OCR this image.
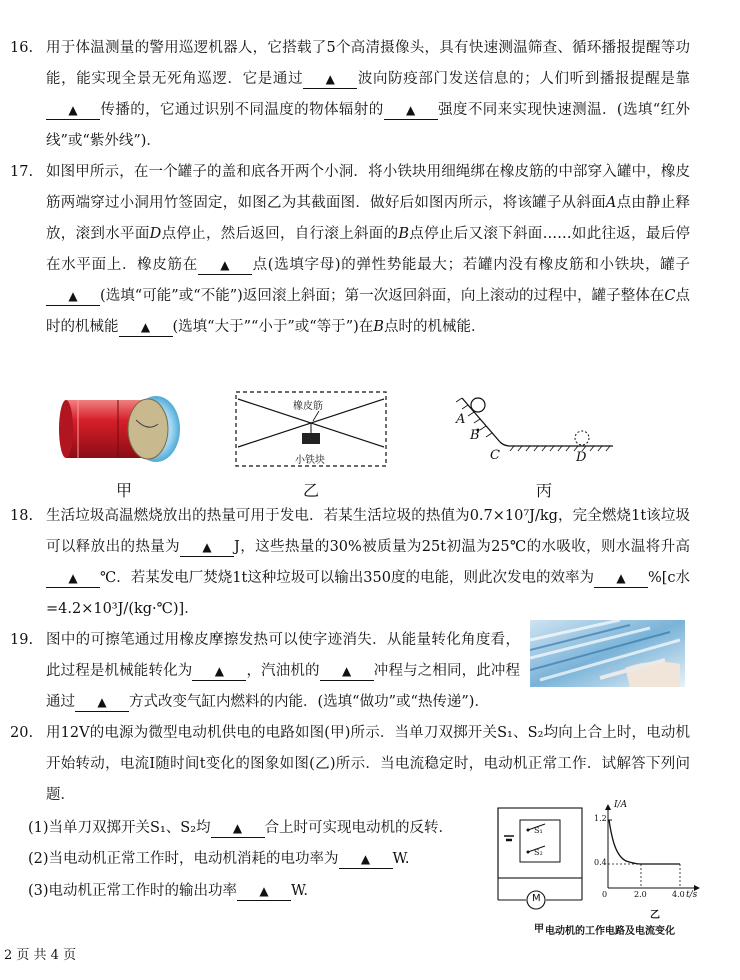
16. 用于体温测量的警用巡逻机器人，它搭载了5个高清摄像头，具有快速测温筛查、循环播报提醒等功能，能实现全景无死角巡逻．它是通过 ▲ 波向防疫部门发送信息的；人们听到播报提醒是靠▲ 传播的，它通过识别不同温度的物体辐射的 ▲ 强度不同来实现快速测温．(选填“红外线”或“紫外线”)．
17. 如图甲所示，在一个罐子的盖和底各开两个小洞．将小铁块用细绳绑在橡皮筋的中部穿入罐中，橡皮筋两端穿过小洞用竹签固定，如图乙为其截面图．做好后如图丙所示，将该罐子从斜面A点由静止释放，滚到水平面D点停止，然后返回，自行滚上斜面的B点停止后又滚下斜面……如此往返，最后停在水平面上．橡皮筋在 ▲ 点(选填字母)的弹性势能最大；若罐内没有橡皮筋和小铁块，罐子▲ (选填“可能”或“不能”)返回滚上斜面；第一次返回斜面，向上滚动的过程中，罐子整体在C点时的机械能 ▲ (选填“大于”“小于”或“等于”)在B点时的机械能．
甲
橡皮筋
小铁块
乙
A
B
C	D
丙
18. 生活垃圾高温燃烧放出的热量可用于发电．若某生活垃圾的热值为0.7×10⁷J/kg，完全燃烧1t该垃圾可以释放出的热量为 ▲ J，这些热量的30%被质量为25t初温为25℃的水吸收，则水温将升高▲ ℃．若某发电厂焚烧1t这种垃圾可以输出350度的电能，则此次发电的效率为 ▲ %[c水=4.2×10³J/(kg·℃)]．
19. 图中的可擦笔通过用橡皮摩擦发热可以使字迹消失．从能量转化角度看，此过程是机械能转化为 ▲ ，汽油机的 ▲ 冲程与之相同，此冲程通过 ▲ 方式改变气缸内燃料的内能．(选填“做功”或“热传递”)．
20. 用12V的电源为微型电动机供电的电路如图(甲)所示．当单刀双掷开关S₁、S₂均向上合上时，电动机开始转动，电流I随时间t变化的图象如图(乙)所示．当电流稳定时，电动机正常工作．试解答下列问题．
(1)当单刀双掷开关S₁、S₂均 ▲ 合上时可实现电动机的反转．
(2)当电动机正常工作时，电动机消耗的电功率为 ▲ W.
(3)电动机正常工作时的输出功率 ▲ W.
S₁
S₂
M
甲
I/A
t/s
1.2
0.4
0	2.0	4.0
乙
电动机的工作电路及电流变化
2 页 共 4 页
